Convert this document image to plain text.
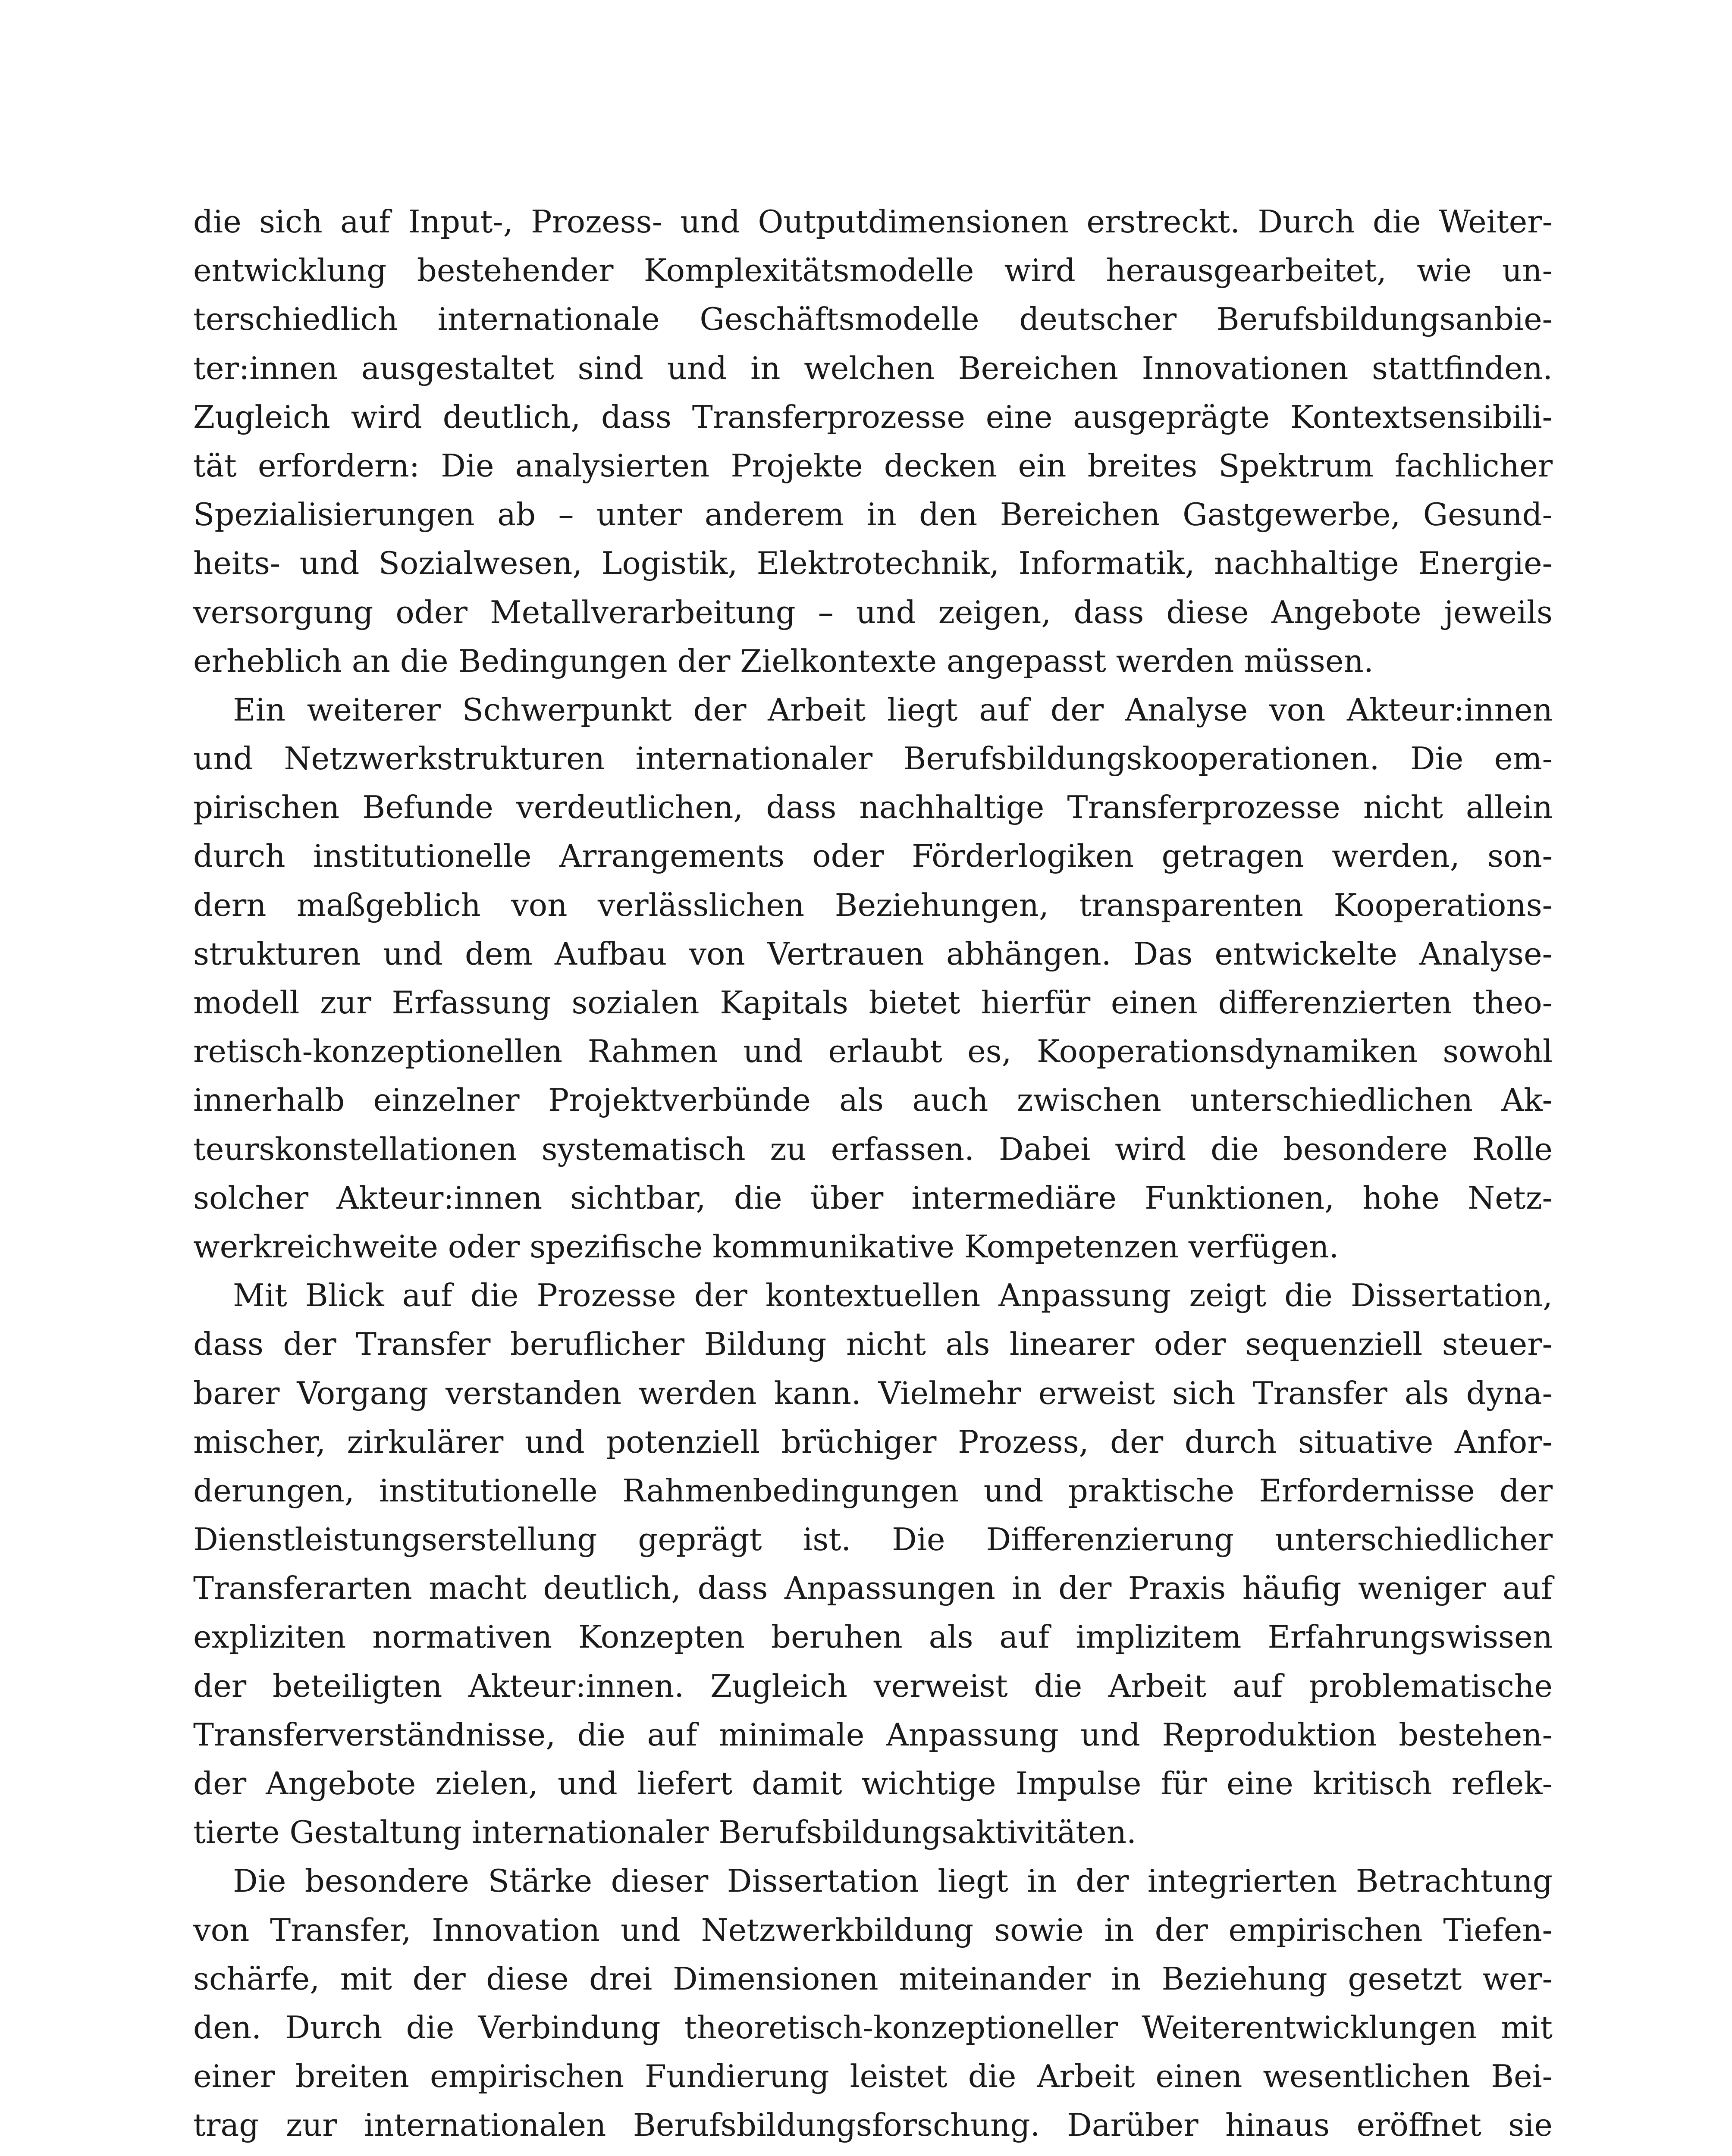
die sich auf Input-, Prozess- und Outputdimensionen erstreckt. Durch die Weiter-
entwicklung bestehender Komplexitätsmodelle wird herausgearbeitet, wie un-
terschiedlich internationale Geschäftsmodelle deutscher Berufsbildungsanbie-
ter:innen ausgestaltet sind und in welchen Bereichen Innovationen stattfinden.
Zugleich wird deutlich, dass Transferprozesse eine ausgeprägte Kontextsensibili-
tät erfordern: Die analysierten Projekte decken ein breites Spektrum fachlicher
Spezialisierungen ab – unter anderem in den Bereichen Gastgewerbe, Gesund-
heits- und Sozialwesen, Logistik, Elektrotechnik, Informatik, nachhaltige Energie-
versorgung oder Metallverarbeitung – und zeigen, dass diese Angebote jeweils
erheblich an die Bedingungen der Zielkontexte angepasst werden müssen.
Ein weiterer Schwerpunkt der Arbeit liegt auf der Analyse von Akteur:innen
und Netzwerkstrukturen internationaler Berufsbildungskooperationen. Die em-
pirischen Befunde verdeutlichen, dass nachhaltige Transferprozesse nicht allein
durch institutionelle Arrangements oder Förderlogiken getragen werden, son-
dern maßgeblich von verlässlichen Beziehungen, transparenten Kooperations-
strukturen und dem Aufbau von Vertrauen abhängen. Das entwickelte Analyse-
modell zur Erfassung sozialen Kapitals bietet hierfür einen differenzierten theo-
retisch-konzeptionellen Rahmen und erlaubt es, Kooperationsdynamiken sowohl
innerhalb einzelner Projektverbünde als auch zwischen unterschiedlichen Ak-
teurskonstellationen systematisch zu erfassen. Dabei wird die besondere Rolle
solcher Akteur:innen sichtbar, die über intermediäre Funktionen, hohe Netz-
werkreichweite oder spezifische kommunikative Kompetenzen verfügen.
Mit Blick auf die Prozesse der kontextuellen Anpassung zeigt die Dissertation,
dass der Transfer beruflicher Bildung nicht als linearer oder sequenziell steuer-
barer Vorgang verstanden werden kann. Vielmehr erweist sich Transfer als dyna-
mischer, zirkulärer und potenziell brüchiger Prozess, der durch situative Anfor-
derungen, institutionelle Rahmenbedingungen und praktische Erfordernisse der
Dienstleistungserstellung geprägt ist. Die Differenzierung unterschiedlicher
Transferarten macht deutlich, dass Anpassungen in der Praxis häufig weniger auf
expliziten normativen Konzepten beruhen als auf implizitem Erfahrungswissen
der beteiligten Akteur:innen. Zugleich verweist die Arbeit auf problematische
Transferverständnisse, die auf minimale Anpassung und Reproduktion bestehen-
der Angebote zielen, und liefert damit wichtige Impulse für eine kritisch reflek-
tierte Gestaltung internationaler Berufsbildungsaktivitäten.
Die besondere Stärke dieser Dissertation liegt in der integrierten Betrachtung
von Transfer, Innovation und Netzwerkbildung sowie in der empirischen Tiefen-
schärfe, mit der diese drei Dimensionen miteinander in Beziehung gesetzt wer-
den. Durch die Verbindung theoretisch-konzeptioneller Weiterentwicklungen mit
einer breiten empirischen Fundierung leistet die Arbeit einen wesentlichen Bei-
trag zur internationalen Berufsbildungsforschung. Darüber hinaus eröffnet sie
